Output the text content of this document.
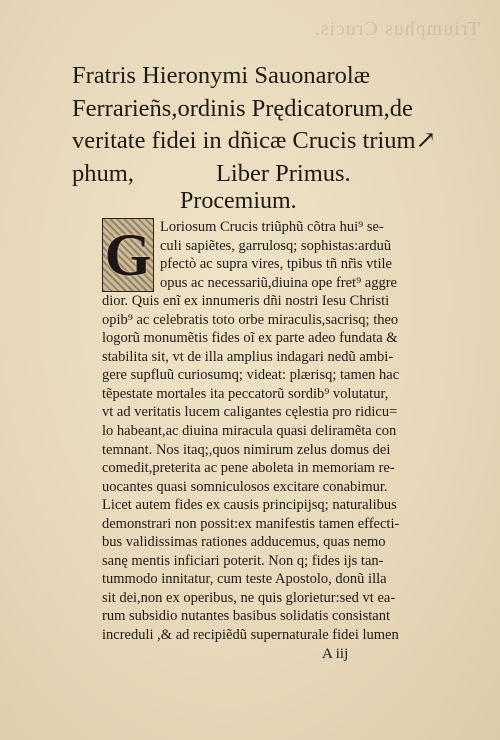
Triumphus Crucis.
Fratris Hieronymi Sauonarolæ
Ferrarieñs,ordinis Prędicatorum,de
veritate fidei in dñicæ Crucis trium↗
phum,	Liber Primus.
Procemium.
G Loriosum Crucis triũphũ cõtra hui⁹ se-
culi sapiẽtes, garrulosq; sophistas:arduũ
pfectò ac supra vires, tpibus tñ nr̃is vtile
opus ac necessariũ,diuina ope fret⁹ aggre
dior. Quis enĩ ex innumeris dñi nostri Iesu Christi
opib⁹ ac celebratis toto orbe miraculis,sacrisq; theo
logorũ monumẽtis fides oĩ ex parte adeo fundata &
stabilita sit, vt de illa amplius indagari nedũ ambi-
gere supfluũ curiosumq; videat: plærisq; tamen hac
tẽpestate mortales ita peccatorũ sordib⁹ volutatur,
vt ad veritatis lucem caligantes cęlestia pro ridicu=
lo habeant,ac diuina miracula quasi deliramẽta con
temnant. Nos itaq;,quos nimirum zelus domus dei
comedit,preterita ac pene aboleta in memoriam re-
uocantes quasi somniculosos excitare conabimur.
Licet autem fides ex causis principijsq; naturalibus
demonstrari non possit:ex manifestis tamen effecti-
bus validissimas rationes adducemus, quas nemo
sanę mentis inficiari poterit. Non q; fides ijs tan-
tummodo innitatur, cum teste Apostolo, donũ illa
sit dei,non ex operibus, ne quis glorietur:sed vt ea-
rum subsidio nutantes basibus solidatis consistant
increduli ,& ad recipiẽdũ supernaturale fidei lumen
A iij
